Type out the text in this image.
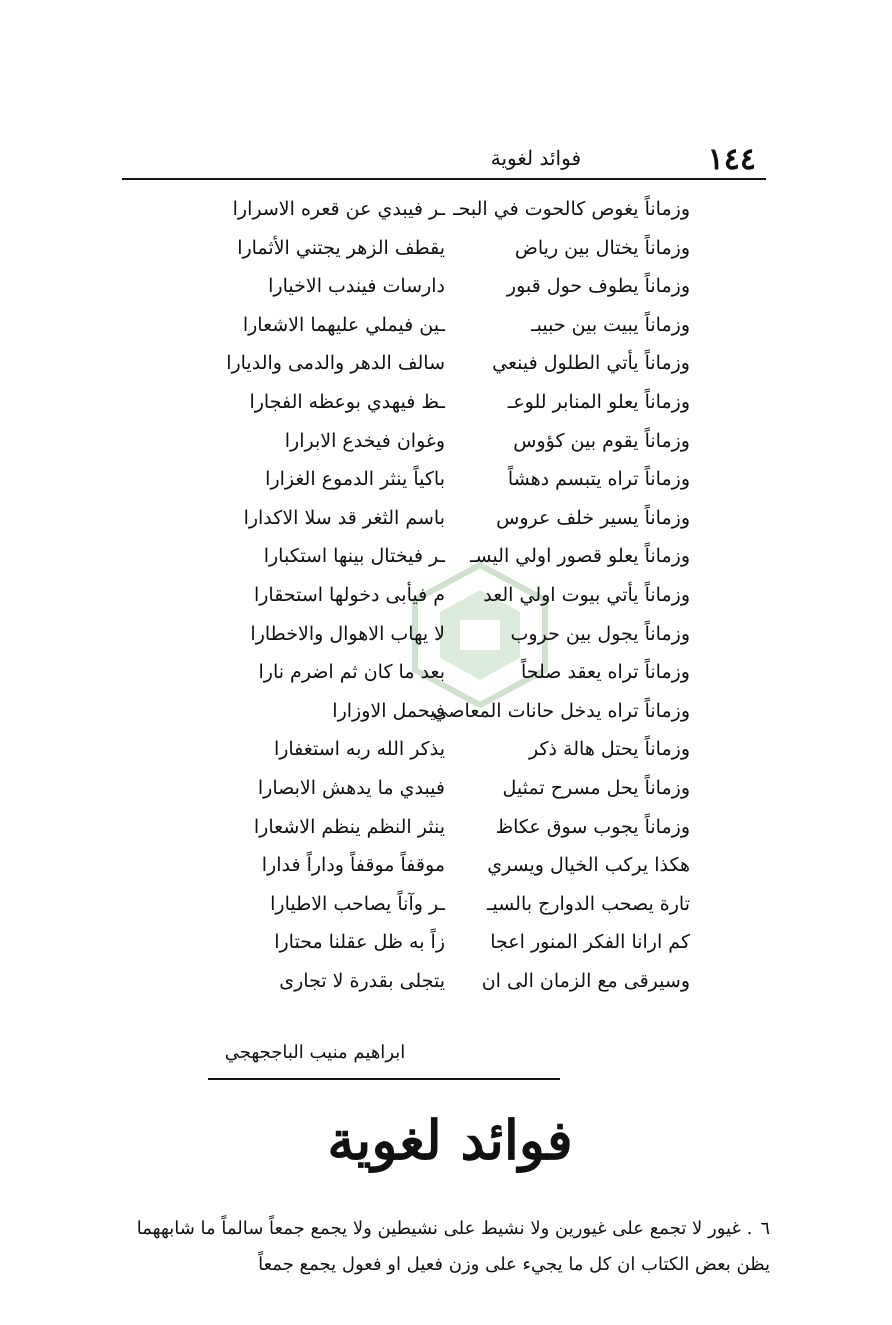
١٤٤
فوائد لغوية
وزماناً يغوص كالحوت في البحـ
ـر فيبدي عن قعره الاسرارا
وزماناً يختال بين رياض
يقطف الزهر يجتني الأثمارا
وزماناً يطوف حول قبور
دارسات فيندب الاخيارا
وزماناً يبيت بين حبيبـ
ـين فيملي عليهما الاشعارا
وزماناً يأتي الطلول فينعي
سالف الدهر والدمى والديارا
وزماناً يعلو المنابر للوعـ
ـظ فيهدي بوعظه الفجارا
وزماناً يقوم بين كؤوس
وغوان فيخدع الابرارا
وزماناً تراه يتبسم دهشاً
باكياً ينثر الدموع الغزارا
وزماناً يسير خلف عروس
باسم الثغر قد سلا الاكدارا
وزماناً يعلو قصور اولي اليسـ
ـر فيختال بينها استكبارا
وزماناً يأتي بيوت اولي العد
م فيأبى دخولها استحقارا
وزماناً يجول بين حروب
لا يهاب الاهوال والاخطارا
وزماناً تراه يعقد صلحاً
بعد ما كان ثم اضرم نارا
وزماناً تراه يدخل حانات المعاصي
فيحمل الاوزارا
وزماناً يحتل هالة ذكر
يذكر الله ربه استغفارا
وزماناً يحل مسرح تمثيل
فيبدي ما يدهش الابصارا
وزماناً يجوب سوق عكاظ
ينثر النظم ينظم الاشعارا
هكذا يركب الخيال ويسري
موقفاً موقفاً وداراً فدارا
تارة يصحب الدوارج بالسيـ
ـر وآناً يصاحب الاطيارا
كم ارانا الفكر المنور اعجا
زاً به ظل عقلنا محتارا
وسيرقى مع الزمان الى ان
يتجلى بقدرة لا تجارى
ابراهيم منيب الباججهجي
فوائد لغوية
٦. غيور لا تجمع على غيورين ولا نشيط على نشيطين ولا يجمع جمعاً سالماً ما شابههما
يظن بعض الكتاب ان كل ما يجيء على وزن فعيل او فعول يجمع جمعاً
